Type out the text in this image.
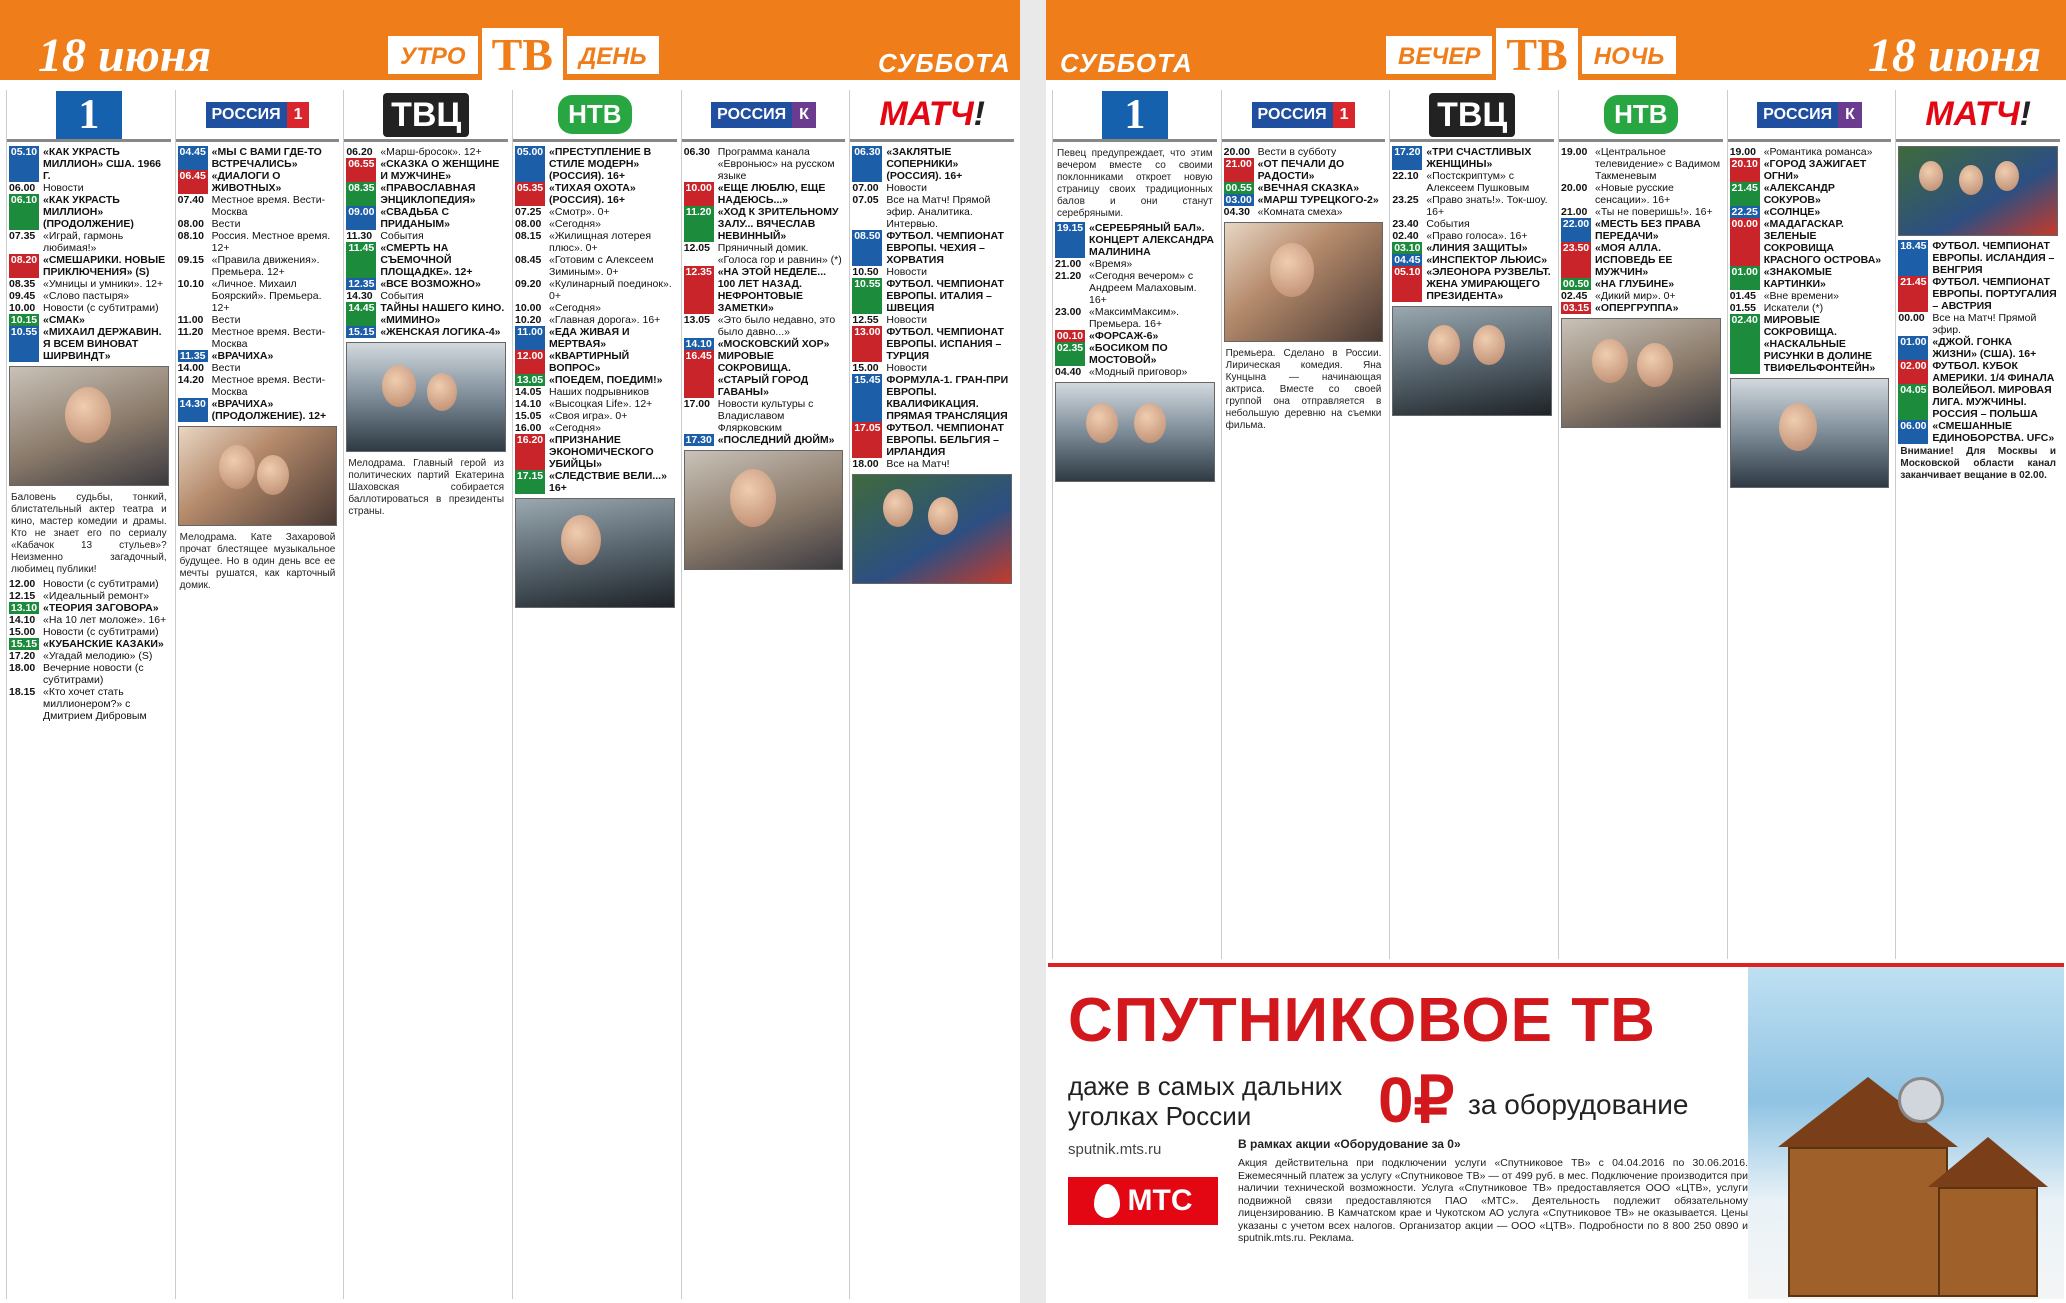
18 июня	УТРО ТВ	ДЕНЬ	СУББОТА
1
05.10 «КАК УКРАСТЬ МИЛЛИОН» США. 1966 Г.
06.00 Новости
06.10 «КАК УКРАСТЬ МИЛЛИОН» (ПРОДОЛЖЕНИЕ)
07.35 «Играй, гармонь любимая!»
08.20 «СМЕШАРИКИ. НОВЫЕ ПРИКЛЮЧЕНИЯ» (S)
08.35 «Умницы и умники». 12+
09.45 «Слово пастыря»
10.00 Новости (с субтитрами)
10.15 «СМАК»
10.55 «МИХАИЛ ДЕРЖАВИН. Я ВСЕМ ВИНОВАТ ШИРВИНДТ»
Баловень судьбы, тонкий, блистательный актер театра и кино, мастер комедии и драмы. Кто не знает его по сериалу «Кабачок 13 стульев»? Неизменно загадочный, любимец публики!
12.00 Новости (с субтитрами)
12.15 «Идеальный ремонт»
13.10 «ТЕОРИЯ ЗАГОВОРА»
14.10 «На 10 лет моложе». 16+
15.00 Новости (с субтитрами)
15.15 «КУБАНСКИЕ КАЗАКИ»
17.20 «Угадай мелодию» (S)
18.00 Вечерние новости (с субтитрами)
18.15 «Кто хочет стать миллионером?» с Дмитрием Дибровым
РОССИЯ 1
04.45 «МЫ С ВАМИ ГДЕ-ТО ВСТРЕЧАЛИСЬ»
06.45 «ДИАЛОГИ О ЖИВОТНЫХ»
07.40 Местное время. Вести-Москва
08.00 Вести
08.10 Россия. Местное время. 12+
09.15 «Правила движения». Премьера. 12+
10.10 «Личное. Михаил Боярский». Премьера. 12+
11.00 Вести
11.20 Местное время. Вести-Москва
11.35 «ВРАЧИХА»
14.00 Вести
14.20 Местное время. Вести-Москва
14.30 «ВРАЧИХА» (ПРОДОЛЖЕНИЕ). 12+
Мелодрама. Кате Захаровой прочат блестящее музыкальное будущее. Но в один день все ее мечты рушатся, как карточный домик.
ТВЦ
06.20 «Марш-бросок». 12+
06.55 «СКАЗКА О ЖЕНЩИНЕ И МУЖЧИНЕ»
08.35 «ПРАВОСЛАВНАЯ ЭНЦИКЛОПЕДИЯ»
09.00 «СВАДЬБА С ПРИДАНЫМ»
11.30 События
11.45 «СМЕРТЬ НА СЪЕМОЧНОЙ ПЛОЩАДКЕ». 12+
12.35 «ВСЕ ВОЗМОЖНО»
14.30 События
14.45 ТАЙНЫ НАШЕГО КИНО. «МИМИНО»
15.15 «ЖЕНСКАЯ ЛОГИКА-4»
Мелодрама. Главный герой из политических партий Екатерина Шаховская собирается баллотироваться в президенты страны.
НТВ
05.00 «ПРЕСТУПЛЕНИЕ В СТИЛЕ МОДЕРН» (РОССИЯ). 16+
05.35 «ТИХАЯ ОХОТА» (РОССИЯ). 16+
07.25 «Смотр». 0+
08.00 «Сегодня»
08.15 «Жилищная лотерея плюс». 0+
08.45 «Готовим с Алексеем Зиминым». 0+
09.20 «Кулинарный поединок». 0+
10.00 «Сегодня»
10.20 «Главная дорога». 16+
11.00 «ЕДА ЖИВАЯ И МЕРТВАЯ»
12.00 «КВАРТИРНЫЙ ВОПРОС»
13.05 «ПОЕДЕМ, ПОЕДИМ!»
14.05 Наших подрывников
14.10 «Высоцкая Life». 12+
15.05 «Своя игра». 0+
16.00 «Сегодня»
16.20 «ПРИЗНАНИЕ ЭКОНОМИЧЕСКОГО УБИЙЦЫ»
17.15 «СЛЕДСТВИЕ ВЕЛИ...» 16+
РОССИЯ К
06.30 Программа канала «Евроньюс» на русском языке
10.00 «ЕЩЕ ЛЮБЛЮ, ЕЩЕ НАДЕЮСЬ...»
11.20 «ХОД К ЗРИТЕЛЬНОМУ ЗАЛУ... ВЯЧЕСЛАВ НЕВИННЫЙ»
12.05 Пряничный домик. «Голоса гор и равнин» (*)
12.35 «НА ЭТОЙ НЕДЕЛЕ... 100 ЛЕТ НАЗАД. НЕФРОНТОВЫЕ ЗАМЕТКИ»
13.05 «Это было недавно, это было давно...»
14.10 «МОСКОВСКИЙ ХОР»
16.45 МИРОВЫЕ СОКРОВИЩА. «СТАРЫЙ ГОРОД ГАВАНЫ»
17.00 Новости культуры с Владиславом Флярковским
17.30 «ПОСЛЕДНИЙ ДЮЙМ»
МАТЧ!
06.30 «ЗАКЛЯТЫЕ СОПЕРНИКИ» (РОССИЯ). 16+
07.00 Новости
07.05 Все на Матч! Прямой эфир. Аналитика. Интервью.
08.50 ФУТБОЛ. ЧЕМПИОНАТ ЕВРОПЫ. ЧЕХИЯ – ХОРВАТИЯ
10.50 Новости
10.55 ФУТБОЛ. ЧЕМПИОНАТ ЕВРОПЫ. ИТАЛИЯ – ШВЕЦИЯ
12.55 Новости
13.00 ФУТБОЛ. ЧЕМПИОНАТ ЕВРОПЫ. ИСПАНИЯ – ТУРЦИЯ
15.00 Новости
15.45 ФОРМУЛА-1. ГРАН-ПРИ ЕВРОПЫ. КВАЛИФИКАЦИЯ. ПРЯМАЯ ТРАНСЛЯЦИЯ
17.05 ФУТБОЛ. ЧЕМПИОНАТ ЕВРОПЫ. БЕЛЬГИЯ – ИРЛАНДИЯ
18.00 Все на Матч!
СУББОТА	ВЕЧЕР ТВ	НОЧЬ	18 июня
1
Певец предупреждает, что этим вечером вместе со своими поклонниками откроет новую страницу своих традиционных балов и они станут серебряными.
19.15 «СЕРЕБРЯНЫЙ БАЛ». КОНЦЕРТ АЛЕКСАНДРА МАЛИНИНА
21.00 «Время»
21.20 «Сегодня вечером» с Андреем Малаховым. 16+
23.00 «МаксимМаксим». Премьера. 16+
00.10 «ФОРСАЖ-6»
02.35 «БОСИКОМ ПО МОСТОВОЙ»
04.40 «Модный приговор»
РОССИЯ 1
20.00 Вести в субботу
21.00 «ОТ ПЕЧАЛИ ДО РАДОСТИ»
00.55 «ВЕЧНАЯ СКАЗКА»
03.00 «МАРШ ТУРЕЦКОГО-2»
04.30 «Комната смеха»
Премьера. Сделано в России. Лирическая комедия. Яна Кунцына — начинающая актриса. Вместе со своей группой она отправляется в небольшую деревню на съемки фильма.
ТВЦ
17.20 «ТРИ СЧАСТЛИВЫХ ЖЕНЩИНЫ»
22.10 «Постскриптум» с Алексеем Пушковым
23.25 «Право знать!». Ток-шоу. 16+
23.40 События
02.40 «Право голоса». 16+
03.10 «ЛИНИЯ ЗАЩИТЫ»
04.45 «ИНСПЕКТОР ЛЬЮИС»
05.10 «ЭЛЕОНОРА РУЗВЕЛЬТ. ЖЕНА УМИРАЮЩЕГО ПРЕЗИДЕНТА»
НТВ
19.00 «Центральное телевидение» с Вадимом Такменевым
20.00 «Новые русские сенсации». 16+
21.00 «Ты не поверишь!». 16+
22.00 «МЕСТЬ БЕЗ ПРАВА ПЕРЕДАЧИ»
23.50 «МОЯ АЛЛА. ИСПОВЕДЬ ЕЕ МУЖЧИН»
00.50 «НА ГЛУБИНЕ»
02.45 «Дикий мир». 0+
03.15 «ОПЕРГРУППА»
РОССИЯ К
19.00 «Романтика романса»
20.10 «ГОРОД ЗАЖИГАЕТ ОГНИ»
21.45 «АЛЕКСАНДР СОКУРОВ»
22.25 «СОЛНЦЕ»
00.00 «МАДАГАСКАР. ЗЕЛЕНЫЕ СОКРОВИЩА КРАСНОГО ОСТРОВА»
01.00 «ЗНАКОМЫЕ КАРТИНКИ»
01.45 «Вне времени»
01.55 Искатели (*)
02.40 МИРОВЫЕ СОКРОВИЩА. «НАСКАЛЬНЫЕ РИСУНКИ В ДОЛИНЕ ТВИФЕЛЬФОНТЕЙН»
МАТЧ!
18.45 ФУТБОЛ. ЧЕМПИОНАТ ЕВРОПЫ. ИСЛАНДИЯ – ВЕНГРИЯ
21.45 ФУТБОЛ. ЧЕМПИОНАТ ЕВРОПЫ. ПОРТУГАЛИЯ – АВСТРИЯ
00.00 Все на Матч! Прямой эфир.
01.00 «ДЖОЙ. ГОНКА ЖИЗНИ» (США). 16+
02.00 ФУТБОЛ. КУБОК АМЕРИКИ. 1/4 ФИНАЛА
04.05 ВОЛЕЙБОЛ. МИРОВАЯ ЛИГА. МУЖЧИНЫ. РОССИЯ – ПОЛЬША
06.00 «СМЕШАННЫЕ ЕДИНОБОРСТВА. UFC»
Внимание! Для Москвы и Московской области канал заканчивает вещание в 02.00.
СПУТНИКОВОЕ ТВ
даже в самых дальних уголках России	0₽ за оборудование
sputnik.mts.ru
МТС
В рамках акции «Оборудование за 0»
Акция действительна при подключении услуги «Спутниковое ТВ» с 04.04.2016 по 30.06.2016. Ежемесячный платеж за услугу «Спутниковое ТВ» — от 499 руб. в мес. Подключение производится при наличии технической возможности. Услуга «Спутниковое ТВ» предоставляется ООО «ЦТВ», услуги подвижной связи предоставляются ПАО «МТС». Деятельность подлежит обязательному лицензированию. В Камчатском крае и Чукотском АО услуга «Спутниковое ТВ» не оказывается. Цены указаны с учетом всех налогов. Организатор акции — ООО «ЦТВ». Подробности по 8 800 250 0890 и sputnik.mts.ru. Реклама.
